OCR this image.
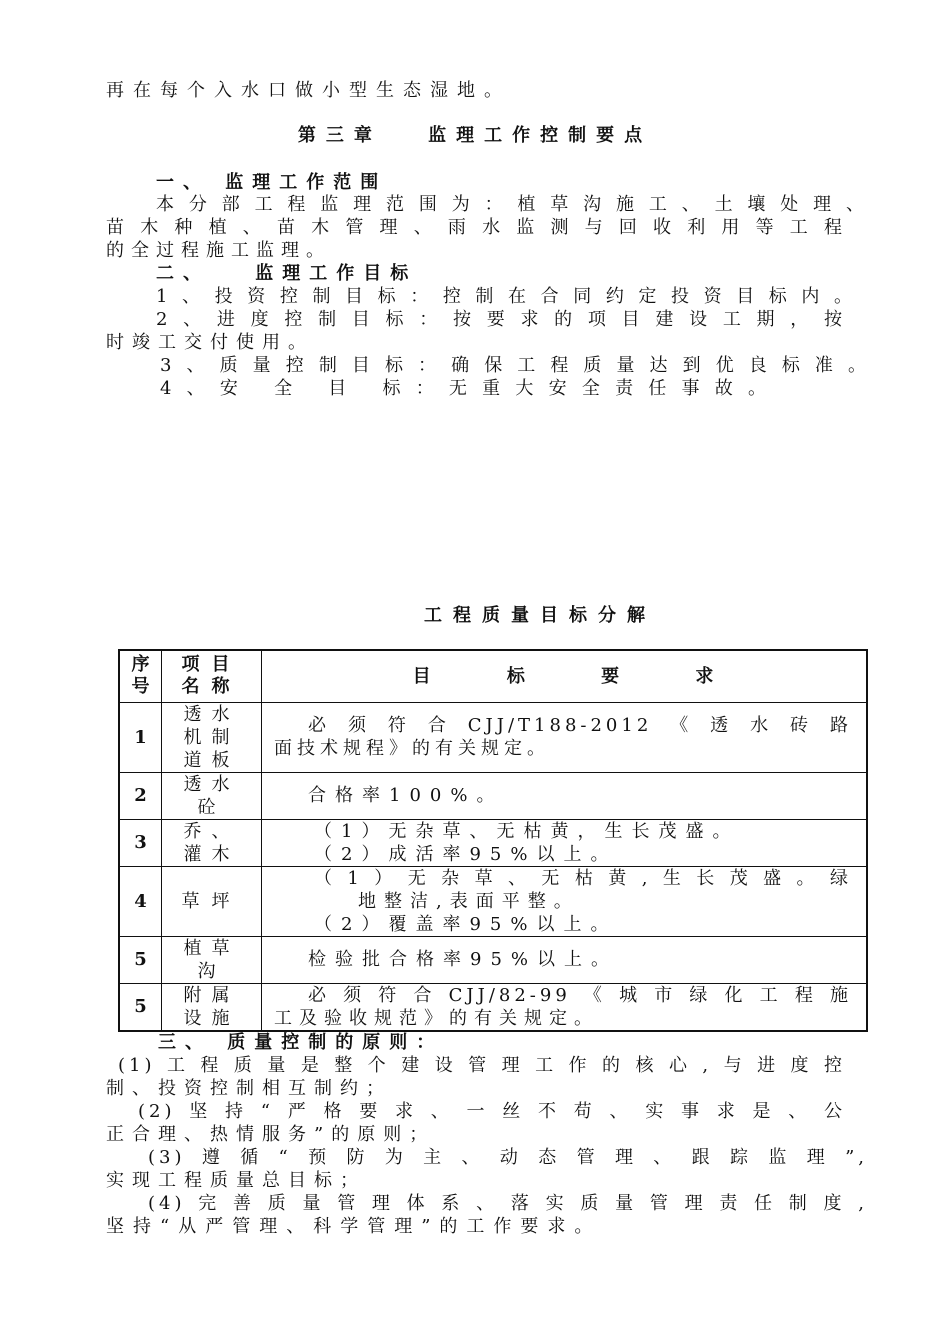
再在每个入水口做小型生态湿地。
第三章 监理工作控制要点
一、 监理工作范围
本分部工程监理范围为：植草沟施工、土壤处理、
苗木种植、苗木管理、雨水监测与回收利用等工程
的全过程施工监理。
二、 监理工作目标
1、投资控制目标：控制在合同约定投资目标内。
2、进度控制目标：按要求的项目建设工期，按
时竣工交付使用。
3、质量控制目标：确保工程质量达到优良标准。
4、安 全 目 标：无重大安全责任事故。
工程质量目标分解
序号	项目名称	目 标 要 求
1	透水机制道板	必须符合CJJ/T188-2012《透水砖路
面技术规程》的有关规定。

2	透水砼	合格率100%。

3	乔、灌木	（1）无杂草、无枯黄，生长茂盛。
（2）成活率95%以上。

4	草坪	（1）无杂草、无枯黄,生长茂盛。绿
地整洁,表面平整。
（2）覆盖率95%以上。

5	植草沟	检验批合格率95%以上。

5	附属设施	必须符合CJJ/82-99《城市绿化工程施
工及验收规范》的有关规定。
三、 质量控制的原则：
(1)工程质量是整个建设管理工作的核心,与进度控
制、投资控制相互制约；
(2)坚持“严格要求、一丝不苟、实事求是、公
正合理、热情服务”的原则；
(3)遵循“预防为主、动态管理、跟踪监理”,
实现工程质量总目标；
(4)完善质量管理体系、落实质量管理责任制度,
坚持“从严管理、科学管理”的工作要求。
